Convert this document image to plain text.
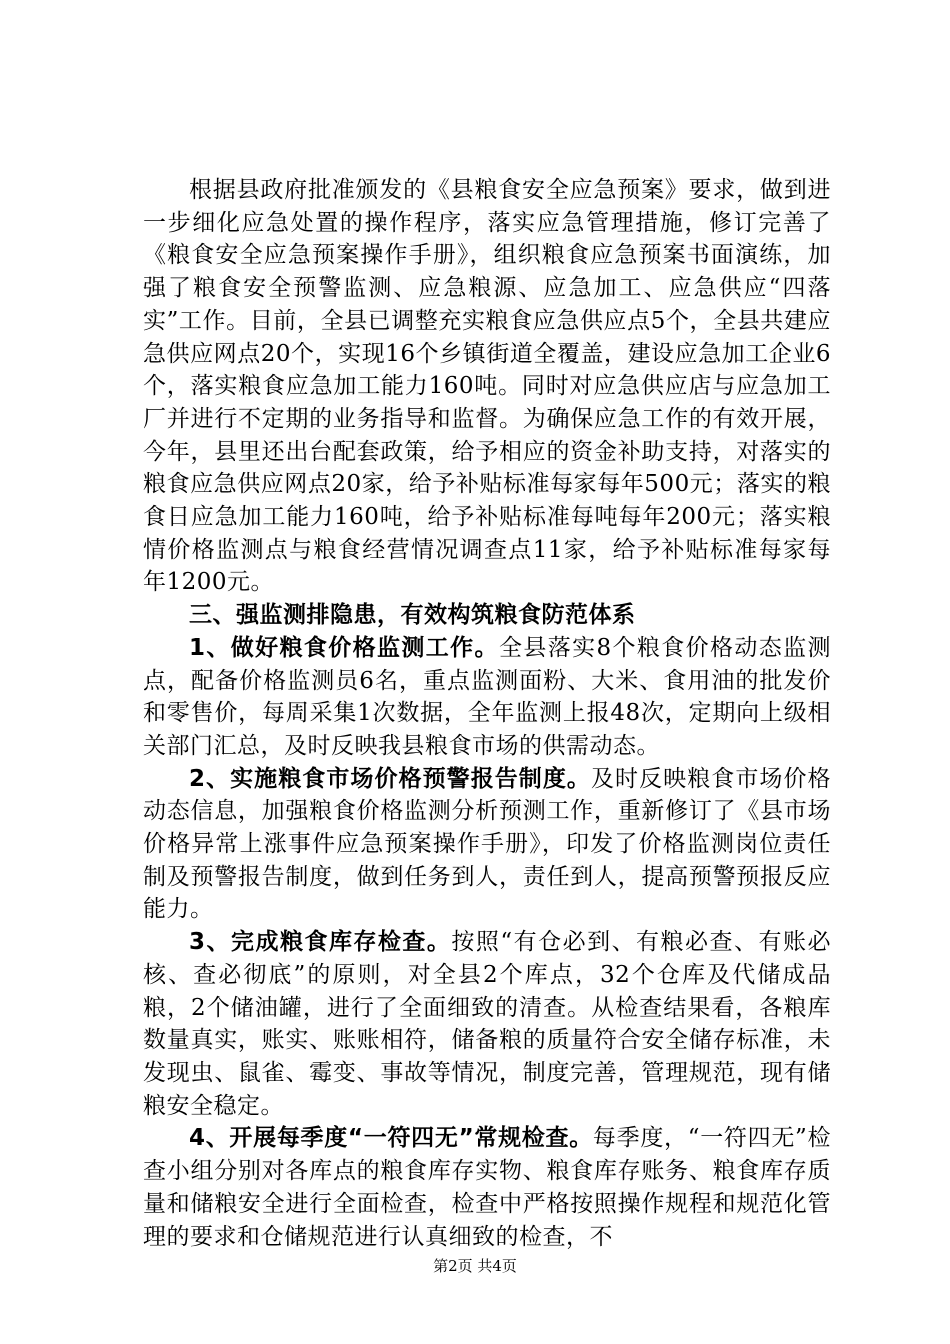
根据县政府批准颁发的《县粮食安全应急预案》要求，做到进一步细化应急处置的操作程序，落实应急管理措施，修订完善了《粮食安全应急预案操作手册》，组织粮食应急预案书面演练，加强了粮食安全预警监测、应急粮源、应急加工、应急供应“四落实”工作。目前，全县已调整充实粮食应急供应点5个，全县共建应急供应网点20个，实现16个乡镇街道全覆盖，建设应急加工企业6个，落实粮食应急加工能力160吨。同时对应急供应店与应急加工厂并进行不定期的业务指导和监督。为确保应急工作的有效开展，今年，县里还出台配套政策，给予相应的资金补助支持，对落实的粮食应急供应网点20家，给予补贴标准每家每年500元；落实的粮食日应急加工能力160吨，给予补贴标准每吨每年200元；落实粮情价格监测点与粮食经营情况调查点11家，给予补贴标准每家每年1200元。

三、强监测排隐患，有效构筑粮食防范体系

1、做好粮食价格监测工作。全县落实8个粮食价格动态监测点，配备价格监测员6名，重点监测面粉、大米、食用油的批发价和零售价，每周采集1次数据，全年监测上报48次，定期向上级相关部门汇总，及时反映我县粮食市场的供需动态。

2、实施粮食市场价格预警报告制度。及时反映粮食市场价格动态信息，加强粮食价格监测分析预测工作，重新修订了《县市场价格异常上涨事件应急预案操作手册》，印发了价格监测岗位责任制及预警报告制度，做到任务到人，责任到人，提高预警预报反应能力。

3、完成粮食库存检查。按照“有仓必到、有粮必查、有账必核、查必彻底”的原则，对全县2个库点，32个仓库及代储成品粮，2个储油罐，进行了全面细致的清查。从检查结果看，各粮库数量真实，账实、账账相符，储备粮的质量符合安全储存标准，未发现虫、鼠雀、霉变、事故等情况，制度完善，管理规范，现有储粮安全稳定。

4、开展每季度“一符四无”常规检查。每季度，“一符四无”检查小组分别对各库点的粮食库存实物、粮食库存账务、粮食库存质量和储粮安全进行全面检查，检查中严格按照操作规程和规范化管理的要求和仓储规范进行认真细致的检查，不

第2页 共4页
